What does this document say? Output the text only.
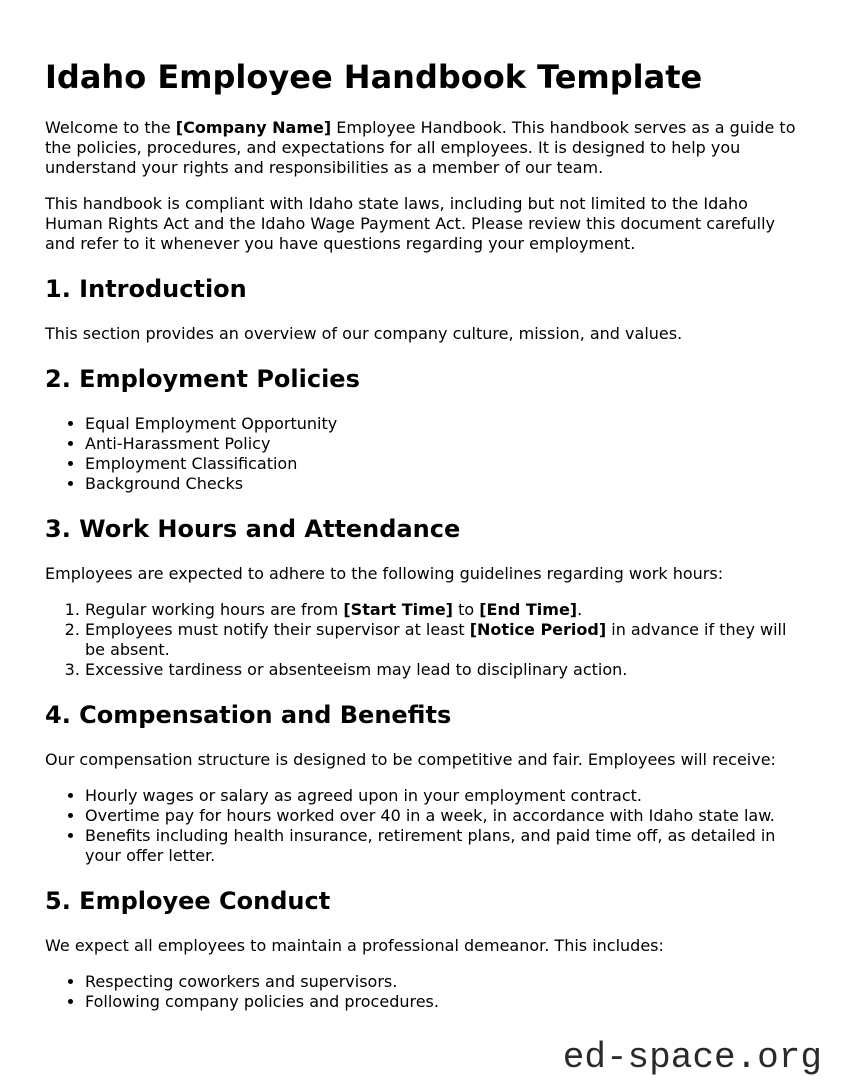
Idaho Employee Handbook Template

Welcome to the [Company Name] Employee Handbook. This handbook serves as a guide to the policies, procedures, and expectations for all employees. It is designed to help you understand your rights and responsibilities as a member of our team.

This handbook is compliant with Idaho state laws, including but not limited to the Idaho Human Rights Act and the Idaho Wage Payment Act. Please review this document carefully and refer to it whenever you have questions regarding your employment.

1. Introduction

This section provides an overview of our company culture, mission, and values.

2. Employment Policies
• Equal Employment Opportunity
• Anti-Harassment Policy
• Employment Classification
• Background Checks
3. Work Hours and Attendance

Employees are expected to adhere to the following guidelines regarding work hours:

1. Regular working hours are from [Start Time] to [End Time].
2. Employees must notify their supervisor at least [Notice Period] in advance if they will be absent.
3. Excessive tardiness or absenteeism may lead to disciplinary action.
4. Compensation and Benefits

Our compensation structure is designed to be competitive and fair. Employees will receive:

• Hourly wages or salary as agreed upon in your employment contract.
• Overtime pay for hours worked over 40 in a week, in accordance with Idaho state law.
• Benefits including health insurance, retirement plans, and paid time off, as detailed in your offer letter.
5. Employee Conduct

We expect all employees to maintain a professional demeanor. This includes:

• Respecting coworkers and supervisors.
• Following company policies and procedures.
ed-space.org
